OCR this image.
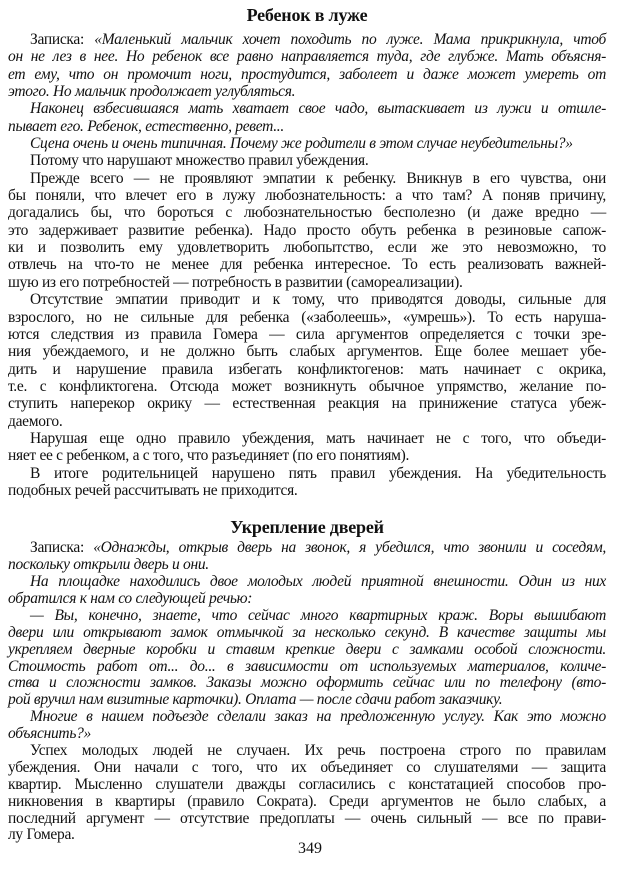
Ребенок в луже
Записка: «Маленький мальчик хочет походить по луже. Мама прикрикнула, чтоб
он не лез в нее. Но ребенок все равно направляется туда, где глубже. Мать объясня-
ет ему, что он промочит ноги, простудится, заболеет и даже может умереть от
этого. Но мальчик продолжает углубляться.
Наконец взбесившаяся мать хватает свое чадо, вытаскивает из лужи и отшле-
пывает его. Ребенок, естественно, ревет...
Сцена очень и очень типичная. Почему же родители в этом случае неубедительны?»
Потому что нарушают множество правил убеждения.
Прежде всего — не проявляют эмпатии к ребенку. Вникнув в его чувства, они
бы поняли, что влечет его в лужу любознательность: а что там? А поняв причину,
догадались бы, что бороться с любознательностью бесполезно (и даже вредно —
это задерживает развитие ребенка). Надо просто обуть ребенка в резиновые сапож-
ки и позволить ему удовлетворить любопытство, если же это невозможно, то
отвлечь на что-то не менее для ребенка интересное. То есть реализовать важней-
шую из его потребностей — потребность в развитии (самореализации).
Отсутствие эмпатии приводит и к тому, что приводятся доводы, сильные для
взрослого, но не сильные для ребенка («заболеешь», «умрешь»). То есть наруша-
ются следствия из правила Гомера — сила аргументов определяется с точки зре-
ния убеждаемого, и не должно быть слабых аргументов. Еще более мешает убе-
дить и нарушение правила избегать конфликтогенов: мать начинает с окрика,
т.е. с конфликтогена. Отсюда может возникнуть обычное упрямство, желание по-
ступить наперекор окрику — естественная реакция на принижение статуса убеж-
даемого.
Нарушая еще одно правило убеждения, мать начинает не с того, что объеди-
няет ее с ребенком, а с того, что разъединяет (по его понятиям).
В итоге родительницей нарушено пять правил убеждения. На убедительность
подобных речей рассчитывать не приходится.
Укрепление дверей
Записка: «Однажды, открыв дверь на звонок, я убедился, что звонили и соседям,
поскольку открыли дверь и они.
На площадке находились двое молодых людей приятной внешности. Один из них
обратился к нам со следующей речью:
— Вы, конечно, знаете, что сейчас много квартирных краж. Воры вышибают
двери или открывают замок отмычкой за несколько секунд. В качестве защиты мы
укрепляем дверные коробки и ставим крепкие двери с замками особой сложности.
Стоимость работ от... до... в зависимости от используемых материалов, количе-
ства и сложности замков. Заказы можно оформить сейчас или по телефону (вто-
рой вручил нам визитные карточки). Оплата — после сдачи работ заказчику.
Многие в нашем подъезде сделали заказ на предложенную услугу. Как это можно
объяснить?»
Успех молодых людей не случаен. Их речь построена строго по правилам
убеждения. Они начали с того, что их объединяет со слушателями — защита
квартир. Мысленно слушатели дважды согласились с констатацией способов про-
никновения в квартиры (правило Сократа). Среди аргументов не было слабых, а
последний аргумент — отсутствие предоплаты — очень сильный — все по прави-
лу Гомера.
349
